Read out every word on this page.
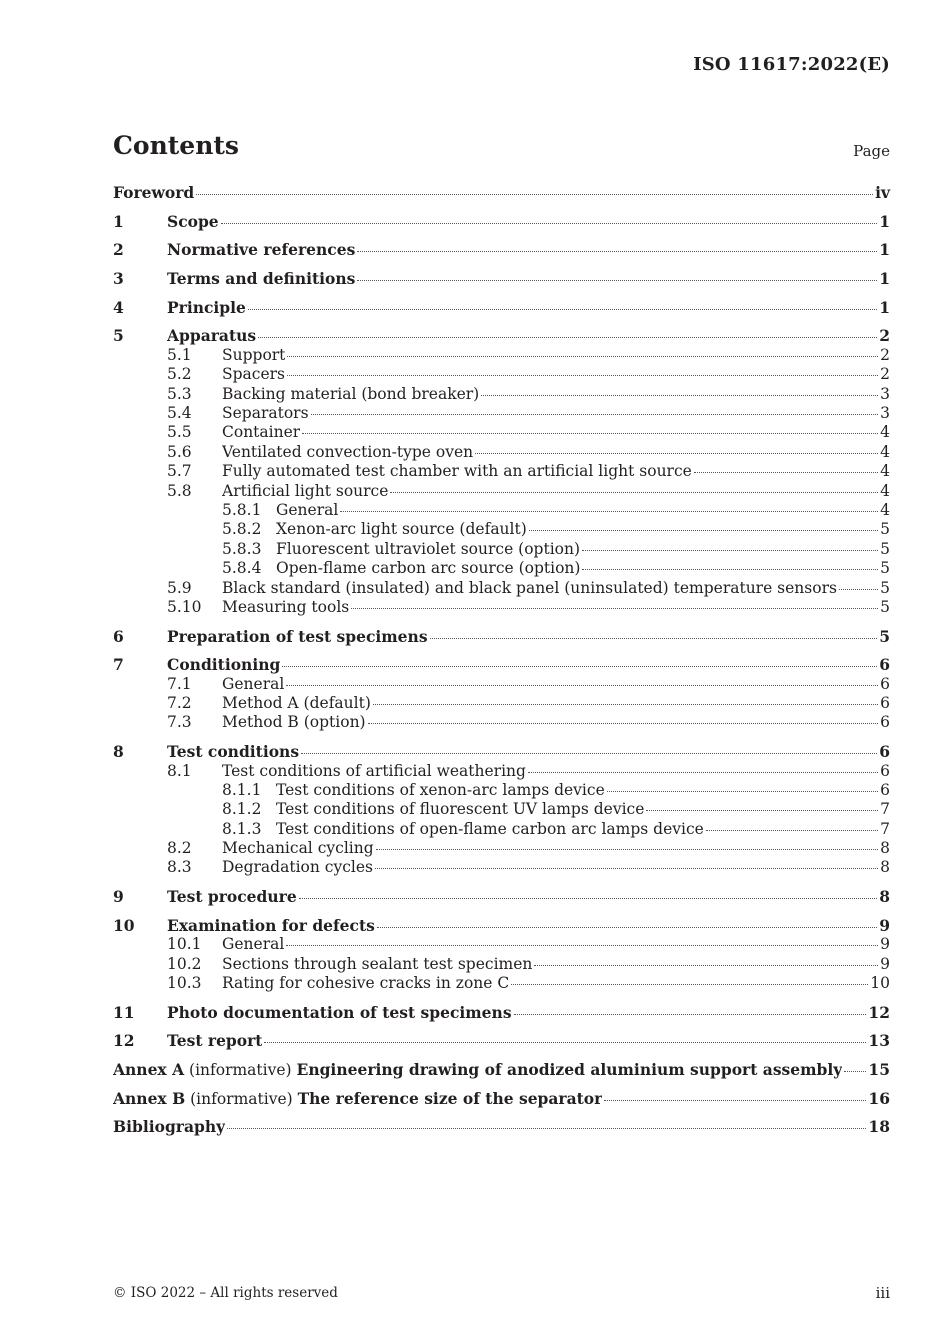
ISO 11617:2022(E)
Contents	Page
Foreword	iv
1	Scope	1
2	Normative references	1
3	Terms and definitions	1
4	Principle	1
5	Apparatus	2
5.1	Support	2
5.2	Spacers	2
5.3	Backing material (bond breaker)	3
5.4	Separators	3
5.5	Container	4
5.6	Ventilated convection-type oven	4
5.7	Fully automated test chamber with an artificial light source	4
5.8	Artificial light source	4
5.8.1 General	4
5.8.2 Xenon-arc light source (default)	5
5.8.3 Fluorescent ultraviolet source (option)	5
5.8.4 Open-flame carbon arc source (option)	5
5.9	Black standard (insulated) and black panel (uninsulated) temperature sensors	5
5.10	Measuring tools	5
6	Preparation of test specimens	5
7	Conditioning	6
7.1	General	6
7.2	Method A (default)	6
7.3	Method B (option)	6
8	Test conditions	6
8.1	Test conditions of artificial weathering	6
8.1.1 Test conditions of xenon-arc lamps device	6
8.1.2 Test conditions of fluorescent UV lamps device	7
8.1.3 Test conditions of open-flame carbon arc lamps device	7
8.2	Mechanical cycling	8
8.3	Degradation cycles	8
9	Test procedure	8
10	Examination for defects	9
10.1	General	9
10.2	Sections through sealant test specimen	9
10.3	Rating for cohesive cracks in zone C	10
11	Photo documentation of test specimens	12
12	Test report	13
Annex A (informative) Engineering drawing of anodized aluminium support assembly 15
Annex B (informative) The reference size of the separator	16
Bibliography	18
© ISO 2022 – All rights reserved	iii
